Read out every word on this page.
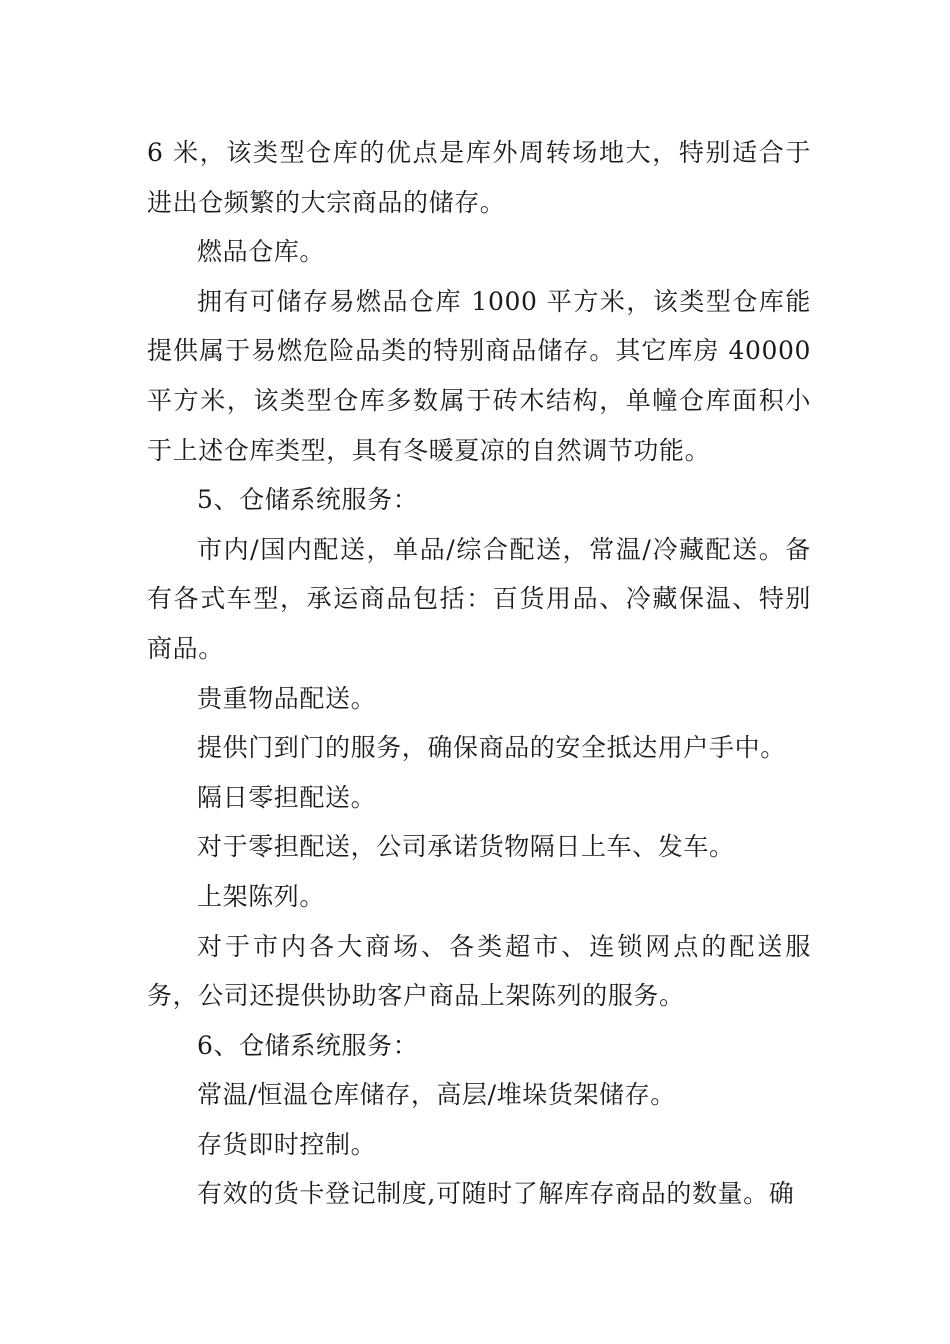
6 米，该类型仓库的优点是库外周转场地大，特别适合于进出仓频繁的大宗商品的储存。

燃品仓库。

拥有可储存易燃品仓库 1000 平方米，该类型仓库能提供属于易燃危险品类的特别商品储存。其它库房 40000 平方米，该类型仓库多数属于砖木结构，单幢仓库面积小于上述仓库类型，具有冬暖夏凉的自然调节功能。

5、仓储系统服务：

市内/国内配送，单品/综合配送，常温/冷藏配送。备有各式车型，承运商品包括：百货用品、冷藏保温、特别商品。

贵重物品配送。

提供门到门的服务，确保商品的安全抵达用户手中。

隔日零担配送。

对于零担配送，公司承诺货物隔日上车、发车。

上架陈列。

对于市内各大商场、各类超市、连锁网点的配送服务，公司还提供协助客户商品上架陈列的服务。

6、仓储系统服务：

常温/恒温仓库储存，高层/堆垛货架储存。

存货即时控制。

有效的货卡登记制度,可随时了解库存商品的数量。确
